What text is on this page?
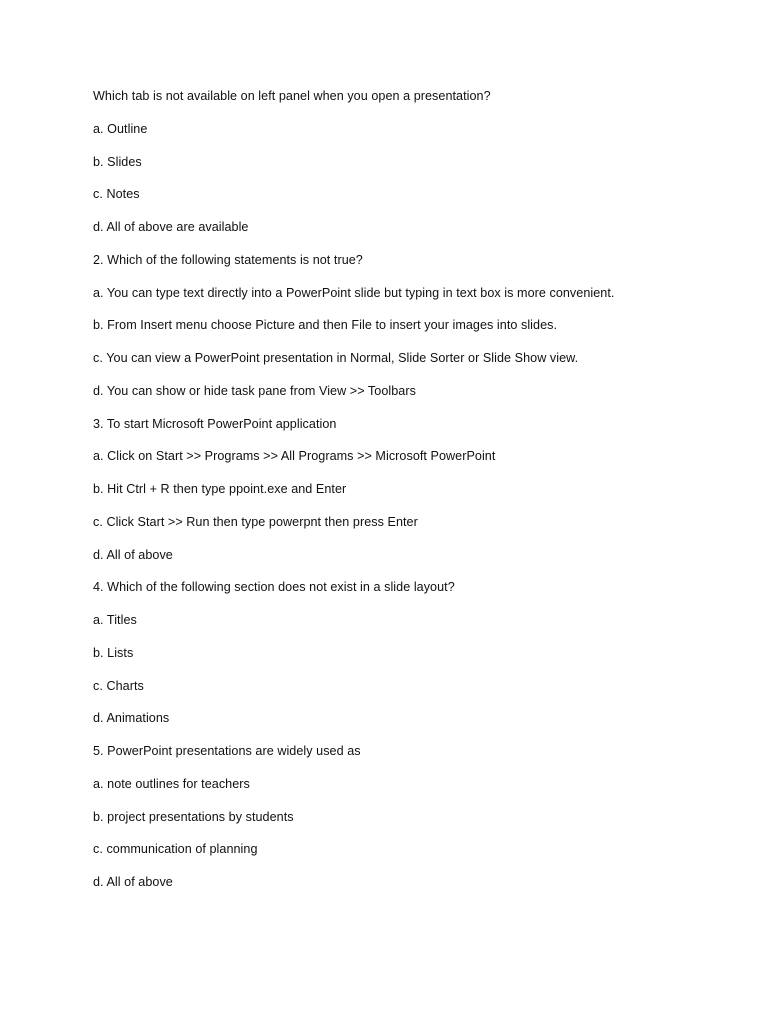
Which tab is not available on left panel when you open a presentation?
a. Outline
b. Slides
c. Notes
d. All of above are available
2. Which of the following statements is not true?
a. You can type text directly into a PowerPoint slide but typing in text box is more convenient.
b. From Insert menu choose Picture and then File to insert your images into slides.
c. You can view a PowerPoint presentation in Normal, Slide Sorter or Slide Show view.
d. You can show or hide task pane from View >> Toolbars
3. To start Microsoft PowerPoint application
a. Click on Start >> Programs >> All Programs >> Microsoft PowerPoint
b. Hit Ctrl + R then type ppoint.exe and Enter
c. Click Start >> Run then type powerpnt then press Enter
d. All of above
4. Which of the following section does not exist in a slide layout?
a. Titles
b. Lists
c. Charts
d. Animations
5. PowerPoint presentations are widely used as
a. note outlines for teachers
b. project presentations by students
c. communication of planning
d. All of above
